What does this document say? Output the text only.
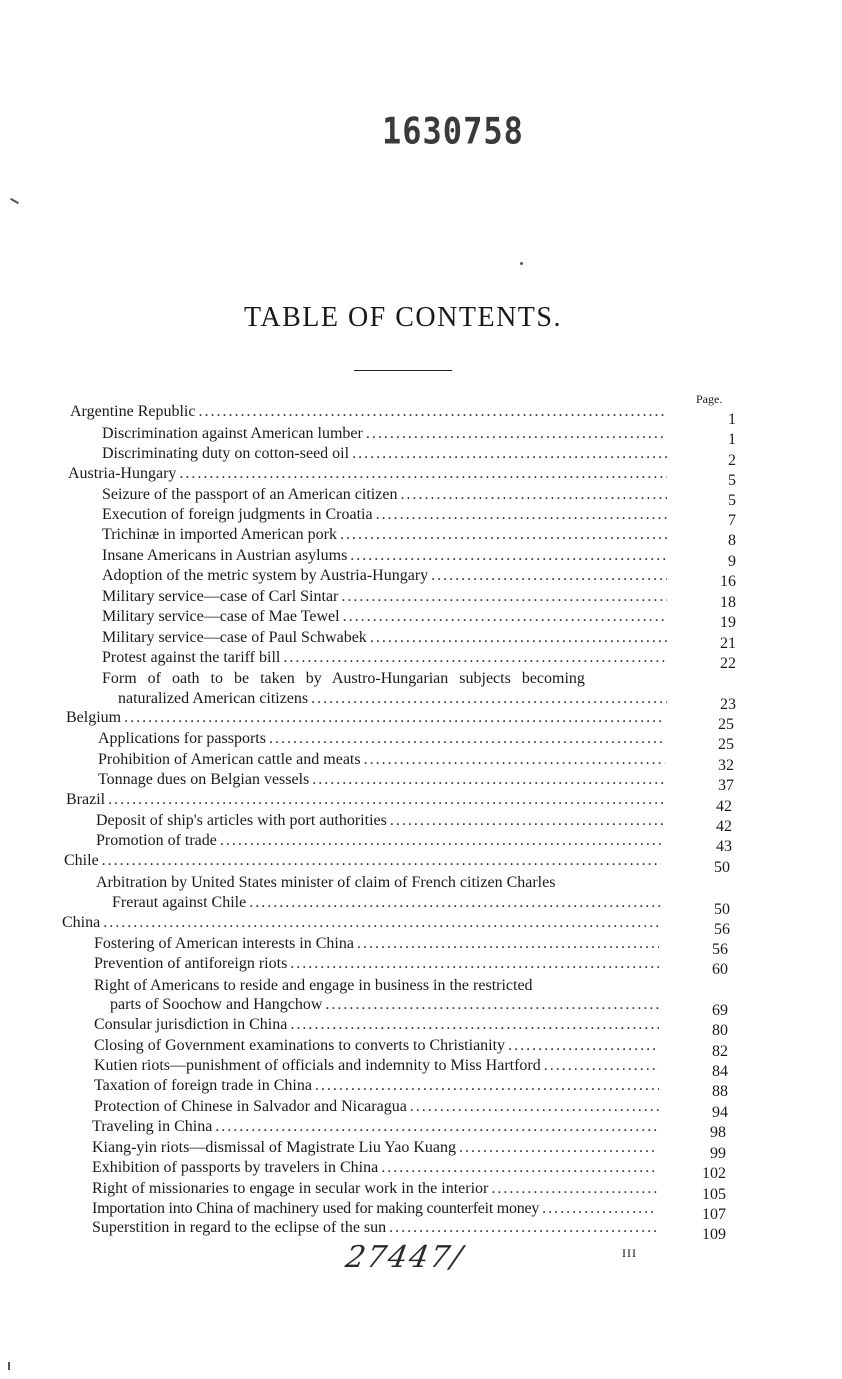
1630758
TABLE OF CONTENTS.
Page.
Argentine Republic .....	1
Discrimination against American lumber .....	1
Discriminating duty on cotton-seed oil .....	2
Austria-Hungary .....	5
Seizure of the passport of an American citizen .....	5
Execution of foreign judgments in Croatia .....	7
Trichinæ in imported American pork .....	8
Insane Americans in Austrian asylums .....	9
Adoption of the metric system by Austria-Hungary .....	16
Military service—case of Carl Sintar .....	18
Military service—case of Mae Tewel .....	19
Military service—case of Paul Schwabek .....	21
Protest against the tariff bill .....	22
Form of oath to be taken by Austro-Hungarian subjects becoming
naturalized American citizens .....	23
Belgium .....	25
Applications for passports .....	25
Prohibition of American cattle and meats .....	32
Tonnage dues on Belgian vessels .....	37
Brazil .....	42
Deposit of ship's articles with port authorities .....	42
Promotion of trade .....	43
Chile .....	50
Arbitration by United States minister of claim of French citizen Charles
Freraut against Chile .....	50
China .....	56
Fostering of American interests in China .....	56
Prevention of antiforeign riots .....	60
Right of Americans to reside and engage in business in the restricted
parts of Soochow and Hangchow .....	69
Consular jurisdiction in China .....	80
Closing of Government examinations to converts to Christianity .....	82
Kutien riots—punishment of officials and indemnity to Miss Hartford .....	84
Taxation of foreign trade in China .....	88
Protection of Chinese in Salvador and Nicaragua .....	94
Traveling in China .....	98
Kiang-yin riots—dismissal of Magistrate Liu Yao Kuang .....	99
Exhibition of passports by travelers in China .....	102
Right of missionaries to engage in secular work in the interior .....	105
Importation into China of machinery used for making counterfeit money .....	107
Superstition in regard to the eclipse of the sun .....	109
27447/	III
